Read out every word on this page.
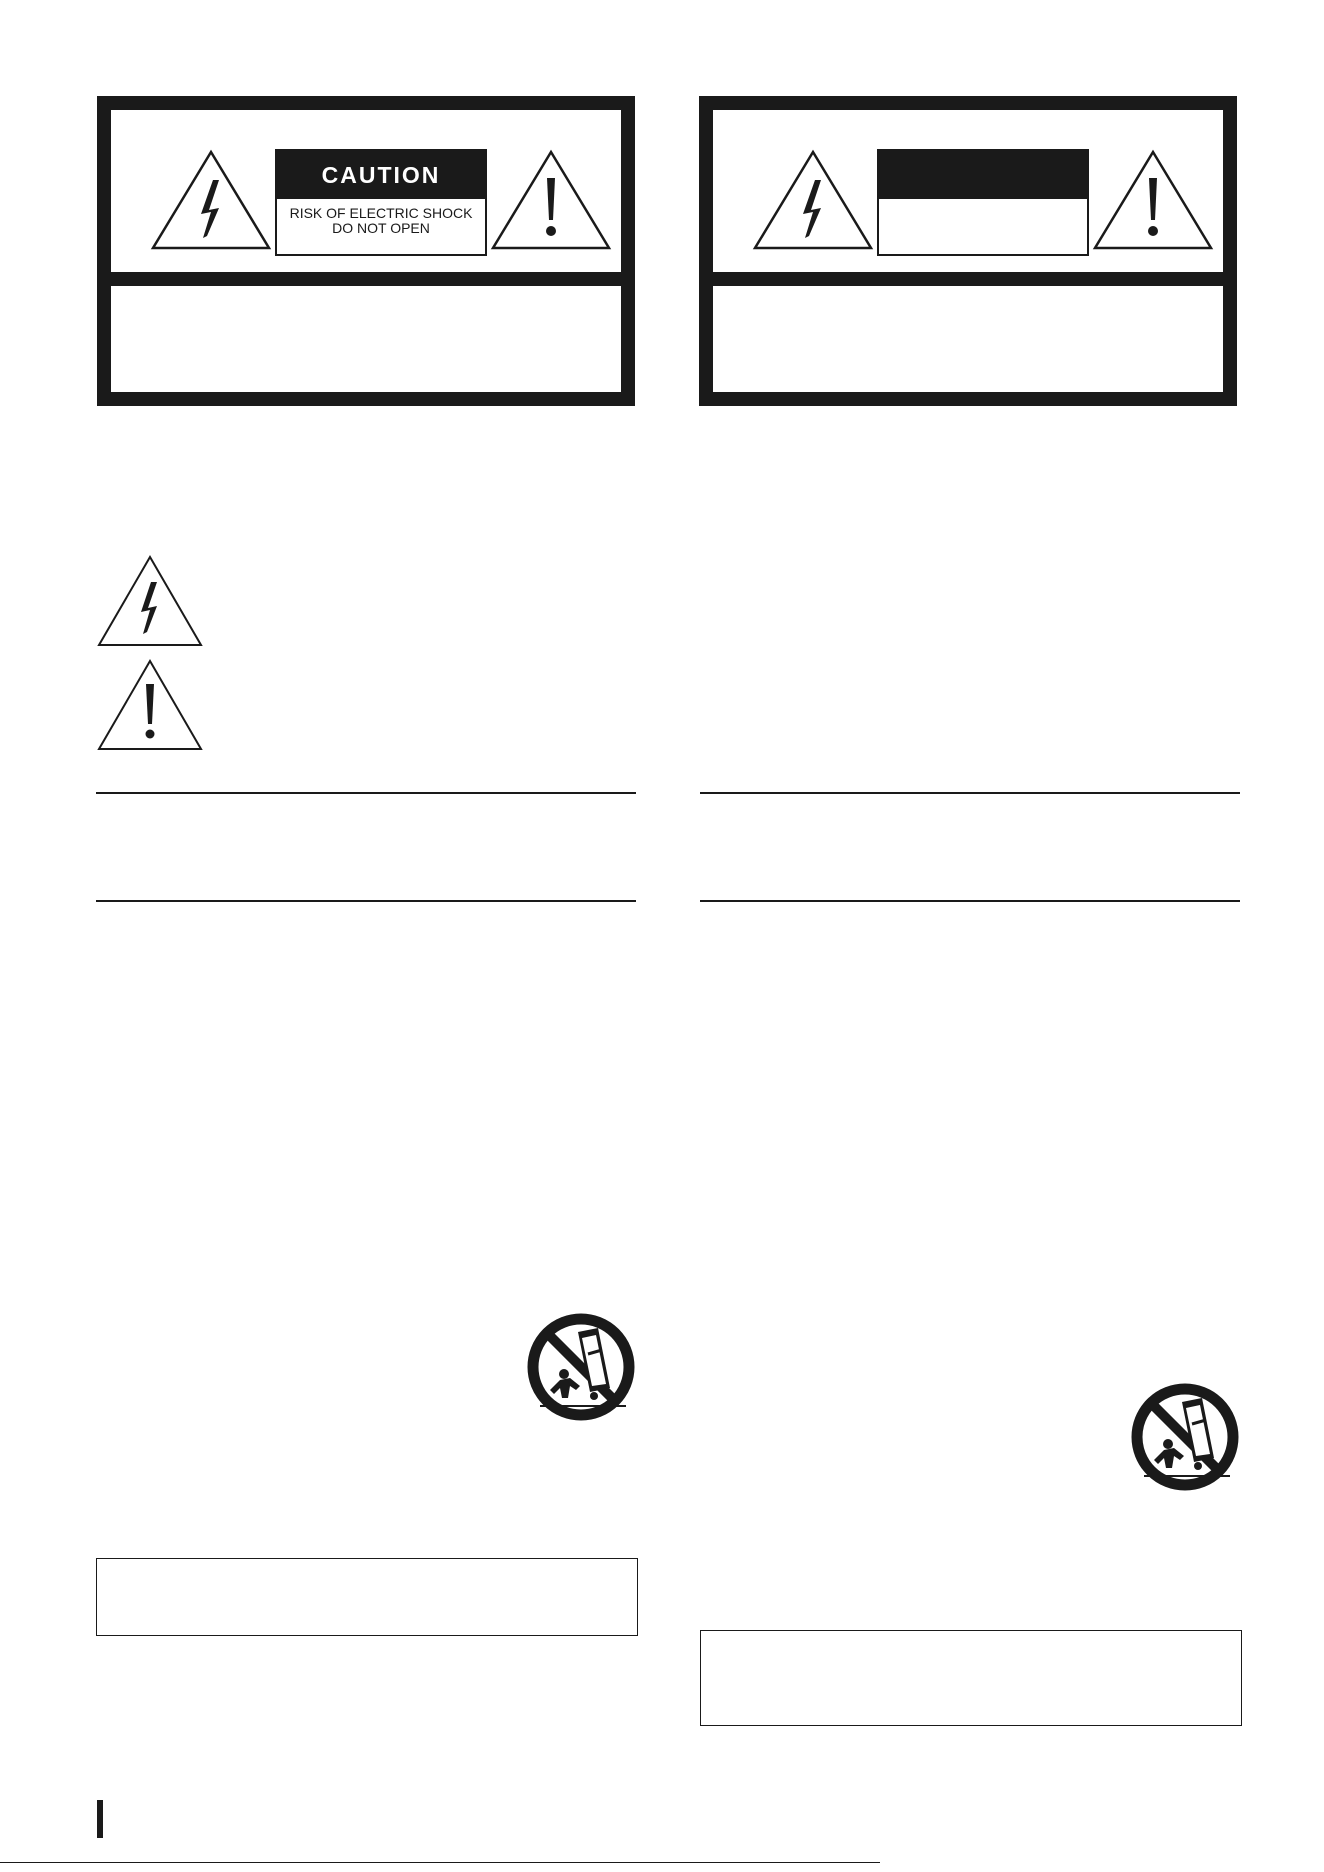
CAUTION
RISK OF ELECTRIC SHOCK
DO NOT OPEN
